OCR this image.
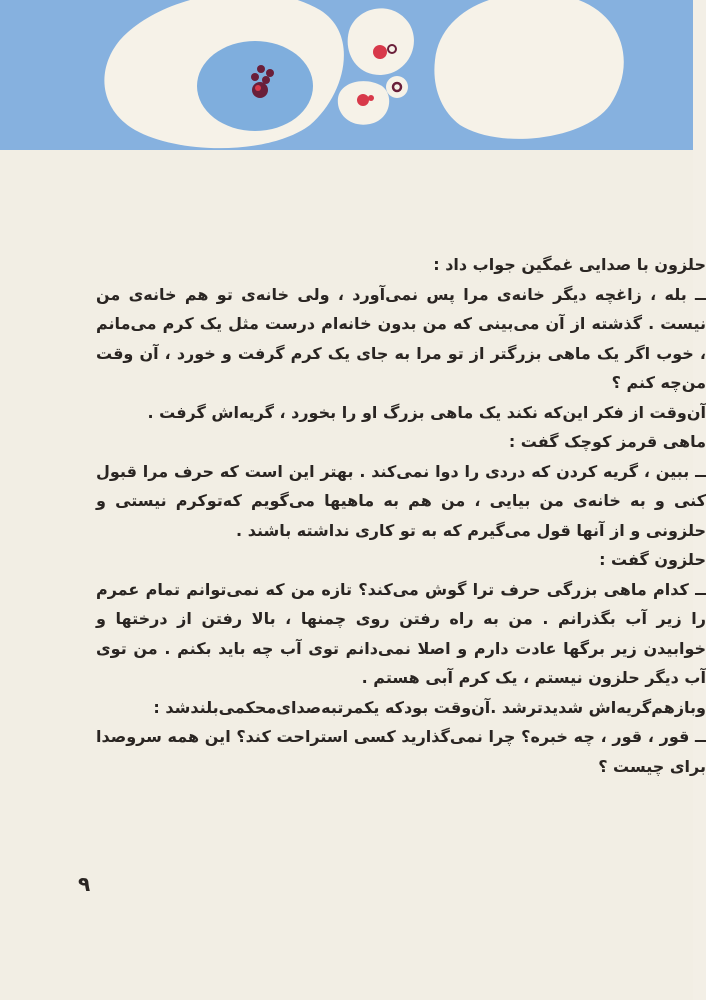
حلزون با صدایی غمگین جواب داد :

ــ بله ، زاغچه دیگر خانه‌ی مرا پس نمی‌آورد ، ولی خانه‌ی تو هم خانه‌ی من نیست . گذشته از آن می‌بینی که من بدون خانه‌ام درست مثل یک کرم می‌مانم ، خوب اگر یک ماهی بزرگتر از تو مرا به جای یک کرم گرفت و خورد ، آن وقت من‌چه کنم ؟

آن‌وقت از فکر این‌که نکند یک ماهی بزرگ او را بخورد ، گریه‌اش گرفت .

ماهی قرمز کوچک گفت :

ــ ببین ، گریه کردن که دردی را دوا نمی‌کند . بهتر این است که حرف مرا قبول کنی و به خانه‌ی من بیایی ، من هم به ماهیها می‌گویم که‌توکرم نیستی و حلزونی و از آنها قول می‌گیرم که به تو کاری نداشته باشند .

حلزون گفت :

ــ کدام ماهی بزرگی حرف ترا گوش می‌کند؟ تازه من که نمی‌توانم تمام عمرم را زیر آب بگذرانم . من به راه رفتن روی چمنها ، بالا رفتن از درختها و خوابیدن زیر برگها عادت دارم و اصلا نمی‌دانم توی آب چه باید بکنم . من توی آب دیگر حلزون نیستم ، یک کرم آبی هستم .

وبازهم‌گریه‌اش شدیدترشد .آن‌وقت بودکه یکمرتبه‌صدای‌محکمی‌بلندشد :

ــ قور ، قور ، چه خبره؟ چرا نمی‌گذارید کسی استراحت کند؟ این همه سروصدا برای چیست ؟

۹
